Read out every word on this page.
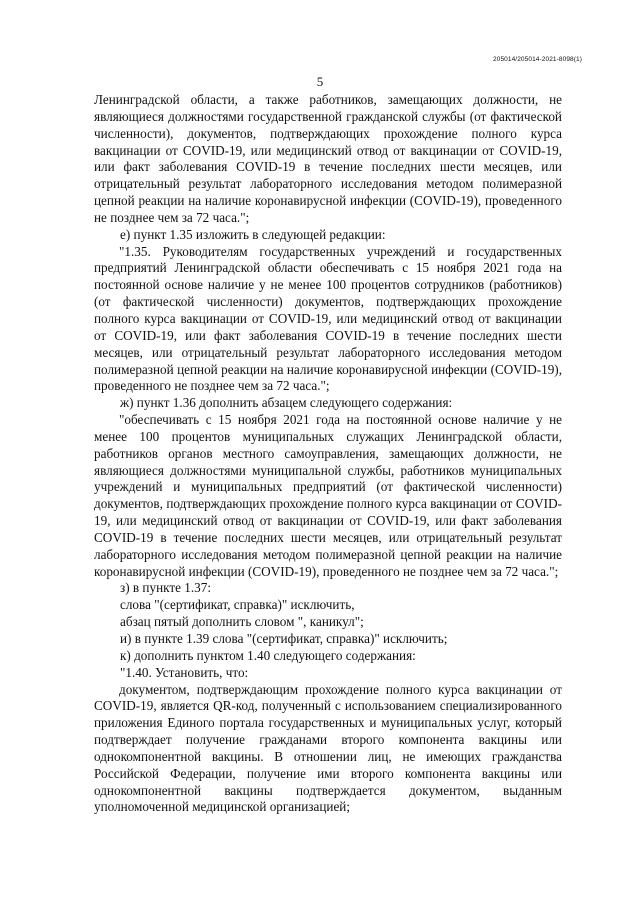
205014/205014-2021-8098(1)
5

Ленинградской области, а также работников, замещающих должности, не являющиеся должностями государственной гражданской службы (от фактической численности), документов, подтверждающих прохождение полного курса вакцинации от COVID-19, или медицинский отвод от вакцинации от COVID-19, или факт заболевания COVID-19 в течение последних шести месяцев, или отрицательный результат лабораторного исследования методом полимеразной цепной реакции на наличие коронавирусной инфекции (COVID-19), проведенного не позднее чем за 72 часа.";

е) пункт 1.35 изложить в следующей редакции:

"1.35. Руководителям государственных учреждений и государственных предприятий Ленинградской области обеспечивать с 15 ноября 2021 года на постоянной основе наличие у не менее 100 процентов сотрудников (работников) (от фактической численности) документов, подтверждающих прохождение полного курса вакцинации от COVID-19, или медицинский отвод от вакцинации от COVID-19, или факт заболевания COVID-19 в течение последних шести месяцев, или отрицательный результат лабораторного исследования методом полимеразной цепной реакции на наличие коронавирусной инфекции (COVID-19), проведенного не позднее чем за 72 часа.";

ж) пункт 1.36 дополнить абзацем следующего содержания:

"обеспечивать с 15 ноября 2021 года на постоянной основе наличие у не менее 100 процентов муниципальных служащих Ленинградской области, работников органов местного самоуправления, замещающих должности, не являющиеся должностями муниципальной службы, работников муниципальных учреждений и муниципальных предприятий (от фактической численности) документов, подтверждающих прохождение полного курса вакцинации от COVID-19, или медицинский отвод от вакцинации от COVID-19, или факт заболевания COVID-19 в течение последних шести месяцев, или отрицательный результат лабораторного исследования методом полимеразной цепной реакции на наличие коронавирусной инфекции (COVID-19), проведенного не позднее чем за 72 часа.";

з) в пункте 1.37:

слова "(сертификат, справка)" исключить,

абзац пятый дополнить словом ", каникул";

и) в пункте 1.39 слова "(сертификат, справка)" исключить;

к) дополнить пунктом 1.40 следующего содержания:

"1.40. Установить, что:

документом, подтверждающим прохождение полного курса вакцинации от COVID-19, является QR-код, полученный с использованием специализированного приложения Единого портала государственных и муниципальных услуг, который подтверждает получение гражданами второго компонента вакцины или однокомпонентной вакцины. В отношении лиц, не имеющих гражданства Российской Федерации, получение ими второго компонента вакцины или однокомпонентной вакцины подтверждается документом, выданным уполномоченной медицинской организацией;
